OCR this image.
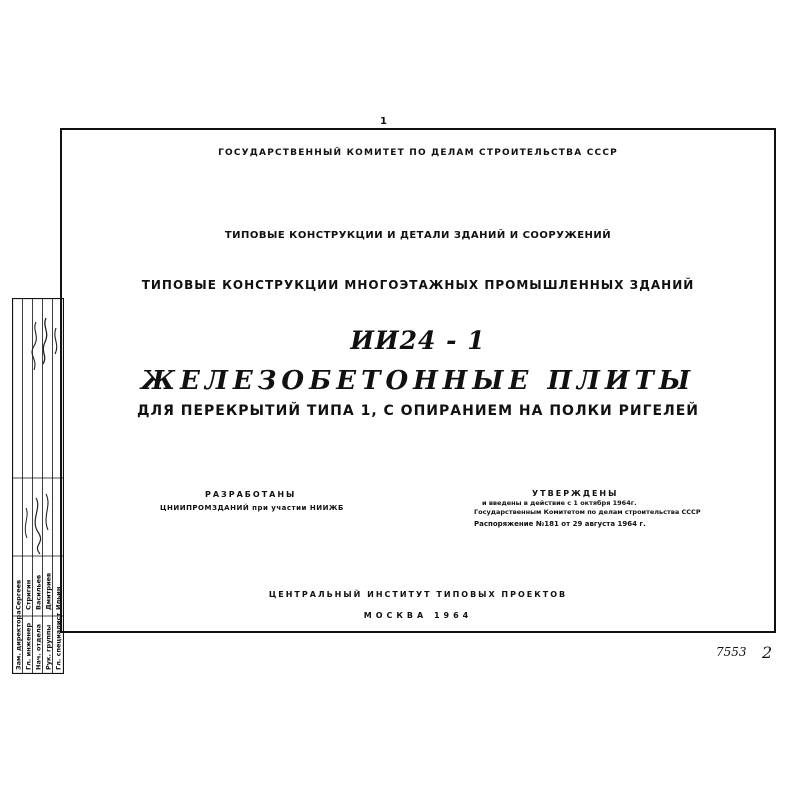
1
ГОСУДАРСТВЕННЫЙ КОМИТЕТ ПО ДЕЛАМ СТРОИТЕЛЬСТВА СССР
ТИПОВЫЕ КОНСТРУКЦИИ И ДЕТАЛИ ЗДАНИЙ И СООРУЖЕНИЙ
ТИПОВЫЕ КОНСТРУКЦИИ МНОГОЭТАЖНЫХ ПРОМЫШЛЕННЫХ ЗДАНИЙ
ИИ24 - 1
ЖЕЛЕЗОБЕТОННЫЕ ПЛИТЫ
ДЛЯ ПЕРЕКРЫТИЙ ТИПА 1, С ОПИРАНИЕМ НА ПОЛКИ РИГЕЛЕЙ
РАЗРАБОТАНЫ
ЦНИИПРОМЗДАНИЙ при участии НИИЖБ
УТВЕРЖДЕНЫ
и введены в действие с 1 октября 1964г.
Государственным Комитетом по делам строительства СССР
Распоряжение №181 от 29 августа 1964 г.
ЦЕНТРАЛЬНЫЙ ИНСТИТУТ ТИПОВЫХ ПРОЕКТОВ
МОСКВА 1964
7553 2
Зам. директора
Сергеев
Гл. инженер
Стригин
Нач. отдела
Васильев
Рук. группы
Дмитриев
Гл. специалист
Ильин
